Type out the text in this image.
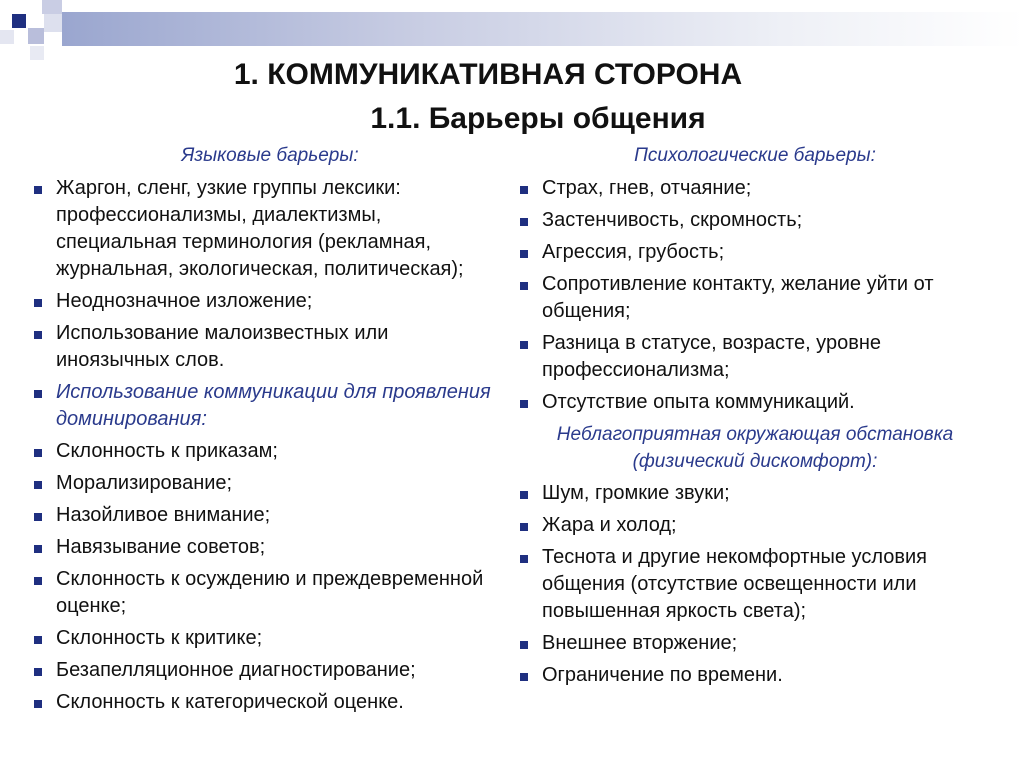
1. КОММУНИКАТИВНАЯ СТОРОНА
1.1. Барьеры общения

Языковые барьеры:

Жаргон, сленг, узкие группы лексики: профессионализмы, диалектизмы, специальная терминология (рекламная, журнальная, экологическая, политическая);
Неоднозначное изложение;
Использование малоизвестных или иноязычных слов.
Использование коммуникации для проявления доминирования:
Склонность к приказам;
Морализирование;
Назойливое внимание;
Навязывание советов;
Склонность к осуждению и преждевременной оценке;
Склонность к критике;
Безапелляционное диагностирование;
Склонность к категорической оценке.

Психологические барьеры:

Страх, гнев, отчаяние;
Застенчивость, скромность;
Агрессия, грубость;
Сопротивление контакту, желание уйти от общения;
Разница в статусе, возрасте, уровне профессионализма;
Отсутствие опыта коммуникаций.

Неблагоприятная окружающая обстановка (физический дискомфорт):

Шум, громкие звуки;
Жара и холод;
Теснота и другие некомфортные условия общения (отсутствие освещенности или повышенная яркость света);
Внешнее вторжение;
Ограничение по времени.
